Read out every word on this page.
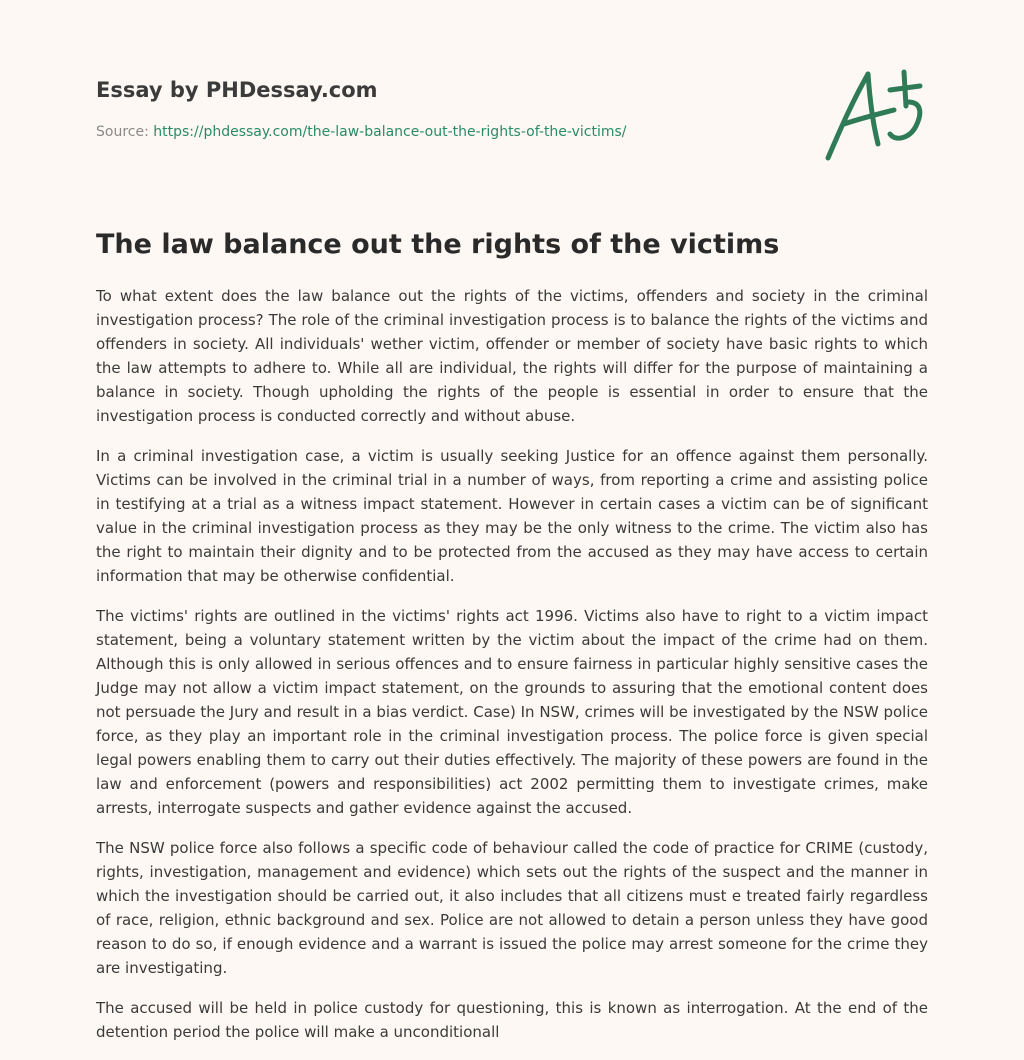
Essay by PHDessay.com
Source: https://phdessay.com/the-law-balance-out-the-rights-of-the-victims/
The law balance out the rights of the victims

To what extent does the law balance out the rights of the victims, offenders and society in the criminal investigation process? The role of the criminal investigation process is to balance the rights of the victims and offenders in society. All individuals' wether victim, offender or member of society have basic rights to which the law attempts to adhere to. While all are individual, the rights will differ for the purpose of maintaining a balance in society. Though upholding the rights of the people is essential in order to ensure that the investigation process is conducted correctly and without abuse.

In a criminal investigation case, a victim is usually seeking Justice for an offence against them personally. Victims can be involved in the criminal trial in a number of ways, from reporting a crime and assisting police in testifying at a trial as a witness impact statement. However in certain cases a victim can be of significant value in the criminal investigation process as they may be the only witness to the crime. The victim also has the right to maintain their dignity and to be protected from the accused as they may have access to certain information that may be otherwise confidential.

The victims' rights are outlined in the victims' rights act 1996. Victims also have to right to a victim impact statement, being a voluntary statement written by the victim about the impact of the crime had on them. Although this is only allowed in serious offences and to ensure fairness in particular highly sensitive cases the Judge may not allow a victim impact statement, on the grounds to assuring that the emotional content does not persuade the Jury and result in a bias verdict. Case) In NSW, crimes will be investigated by the NSW police force, as they play an important role in the criminal investigation process. The police force is given special legal powers enabling them to carry out their duties effectively. The majority of these powers are found in the law and enforcement (powers and responsibilities) act 2002 permitting them to investigate crimes, make arrests, interrogate suspects and gather evidence against the accused.

The NSW police force also follows a specific code of behaviour called the code of practice for CRIME (custody, rights, investigation, management and evidence) which sets out the rights of the suspect and the manner in which the investigation should be carried out, it also includes that all citizens must e treated fairly regardless of race, religion, ethnic background and sex. Police are not allowed to detain a person unless they have good reason to do so, if enough evidence and a warrant is issued the police may arrest someone for the crime they are investigating.

The accused will be held in police custody for questioning, this is known as interrogation. At the end of the detention period the police will make a unconditionall
